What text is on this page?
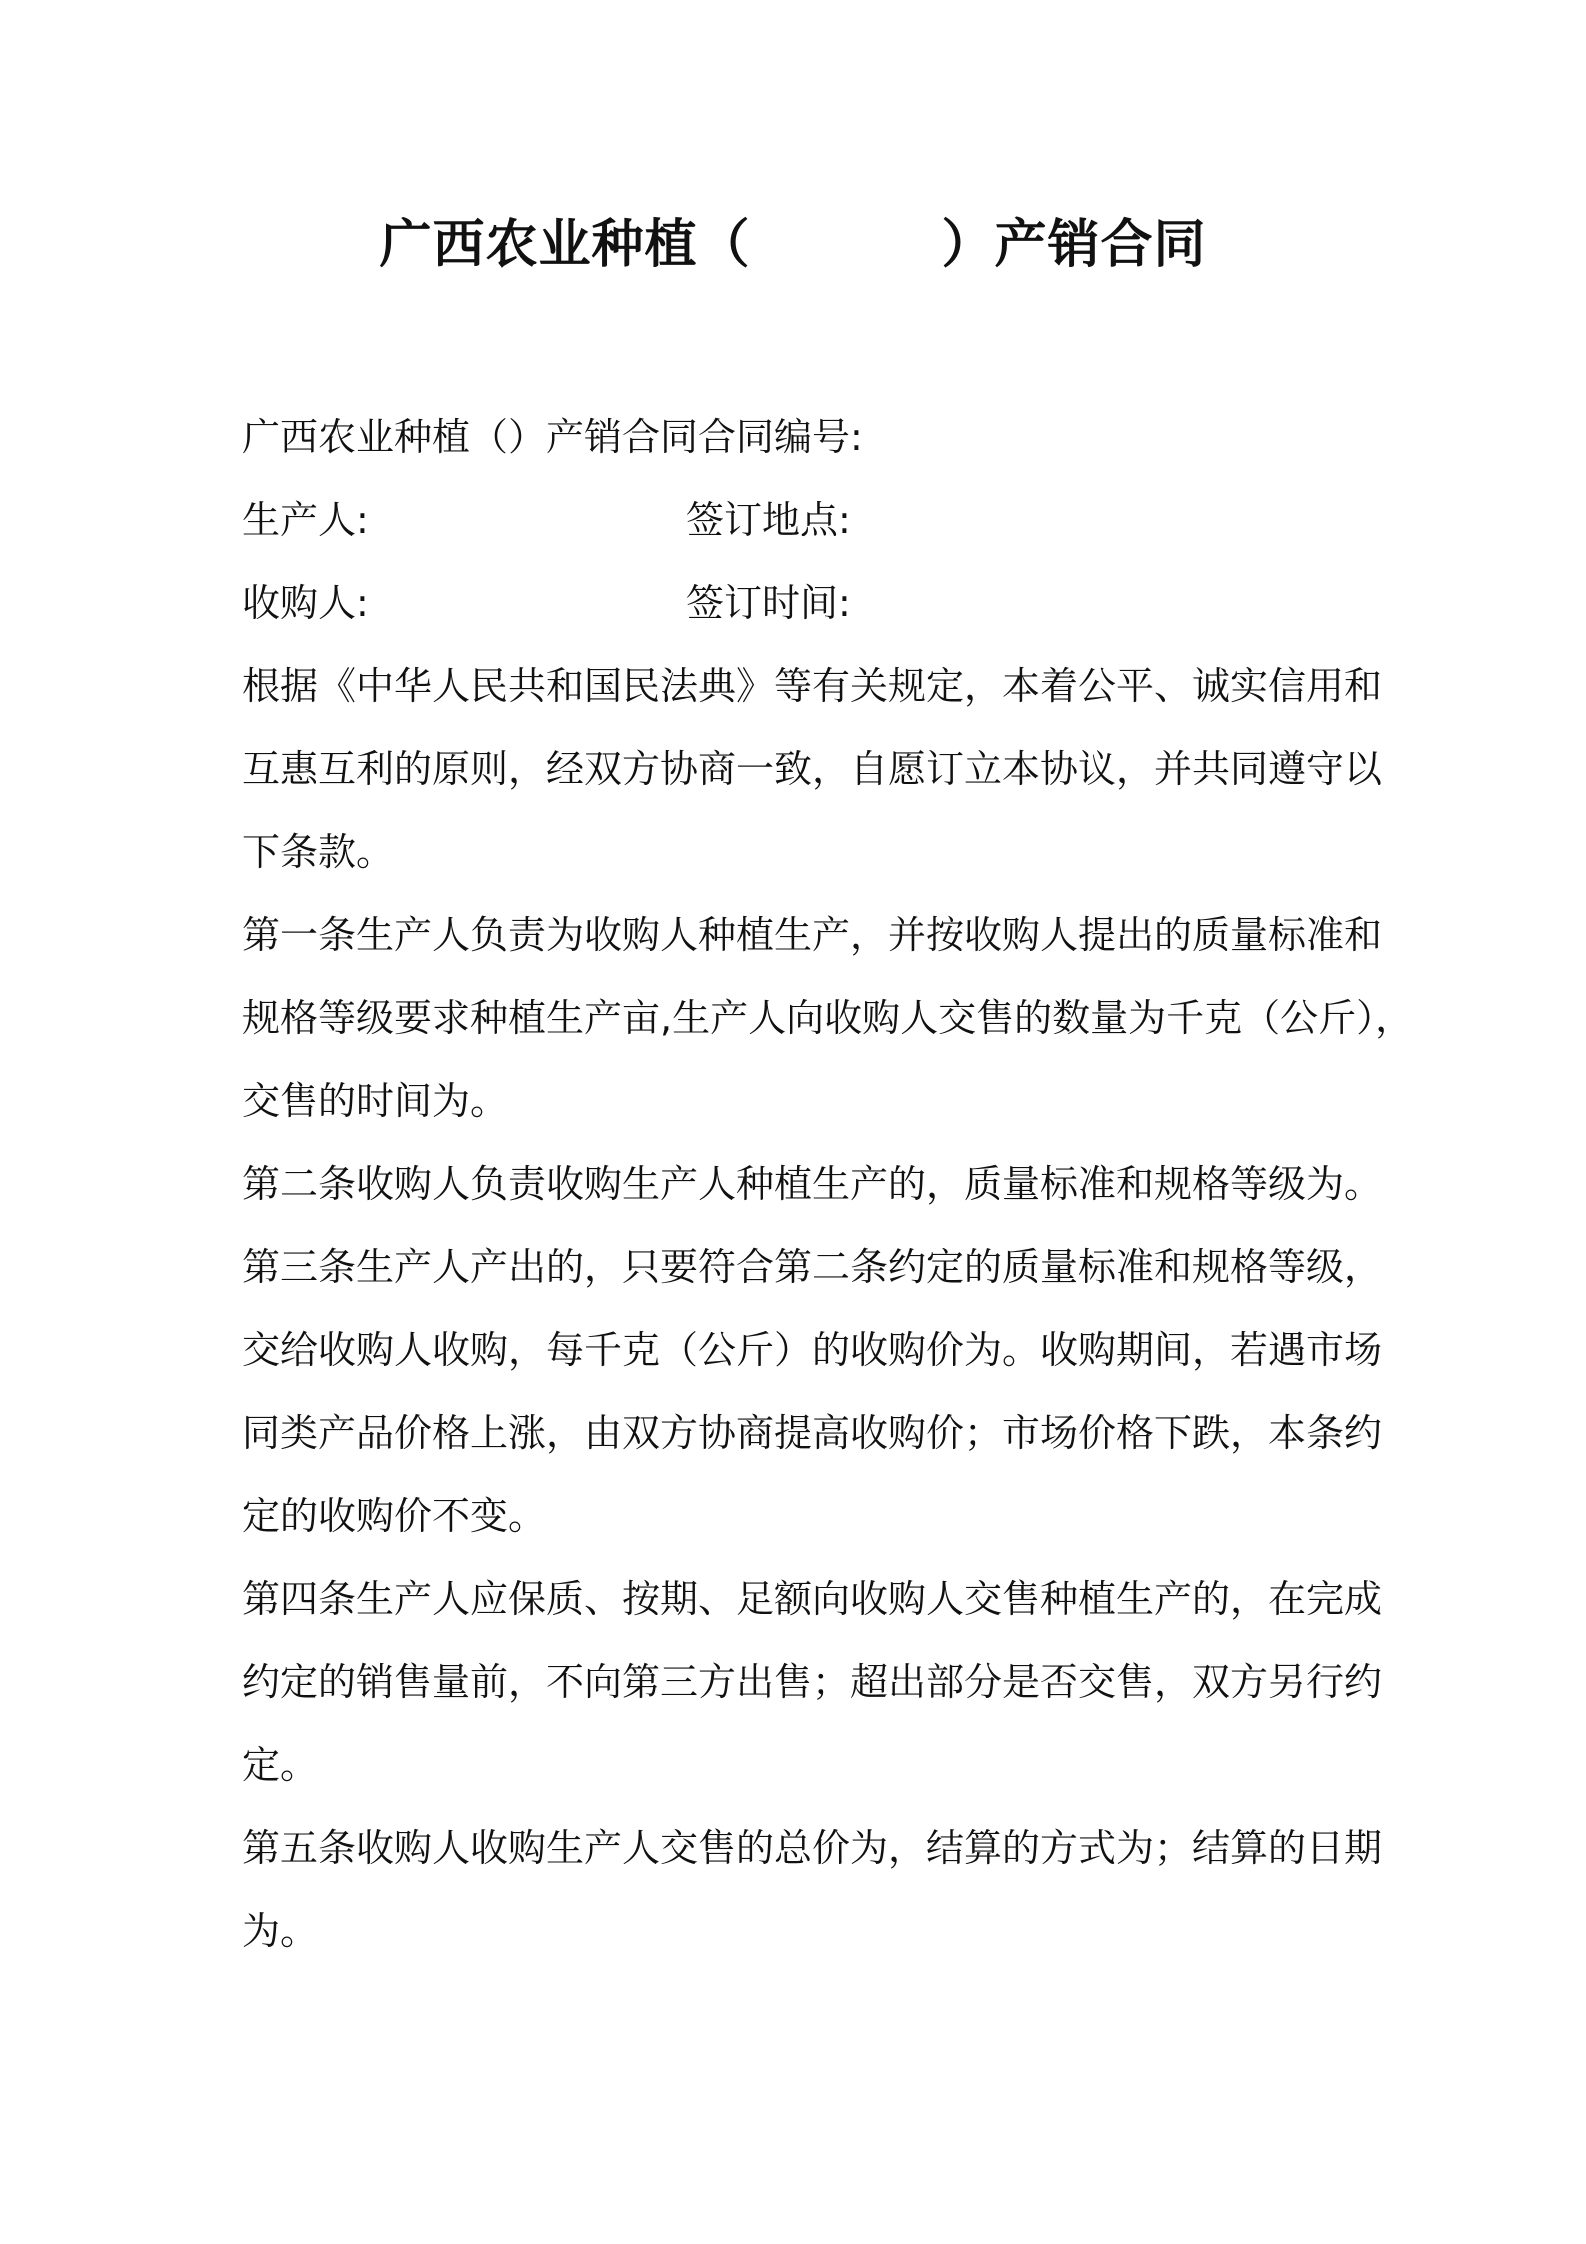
广西农业种植（          ）产销合同
广西农业种植（）产销合同合同编号:
生产人:	签订地点:
收购人:	签订时间:
根据《中华人民共和国民法典》等有关规定，本着公平、诚实信用和
互惠互利的原则，经双方协商一致，自愿订立本协议，并共同遵守以
下条款。
第一条生产人负责为收购人种植生产，并按收购人提出的质量标准和
规格等级要求种植生产亩,生产人向收购人交售的数量为千克（公斤），
交售的时间为。
第二条收购人负责收购生产人种植生产的，质量标准和规格等级为。
第三条生产人产出的，只要符合第二条约定的质量标准和规格等级，
交给收购人收购，每千克（公斤）的收购价为。收购期间，若遇市场
同类产品价格上涨，由双方协商提高收购价；市场价格下跌，本条约
定的收购价不变。
第四条生产人应保质、按期、足额向收购人交售种植生产的，在完成
约定的销售量前，不向第三方出售；超出部分是否交售，双方另行约
定。
第五条收购人收购生产人交售的总价为，结算的方式为；结算的日期
为。
